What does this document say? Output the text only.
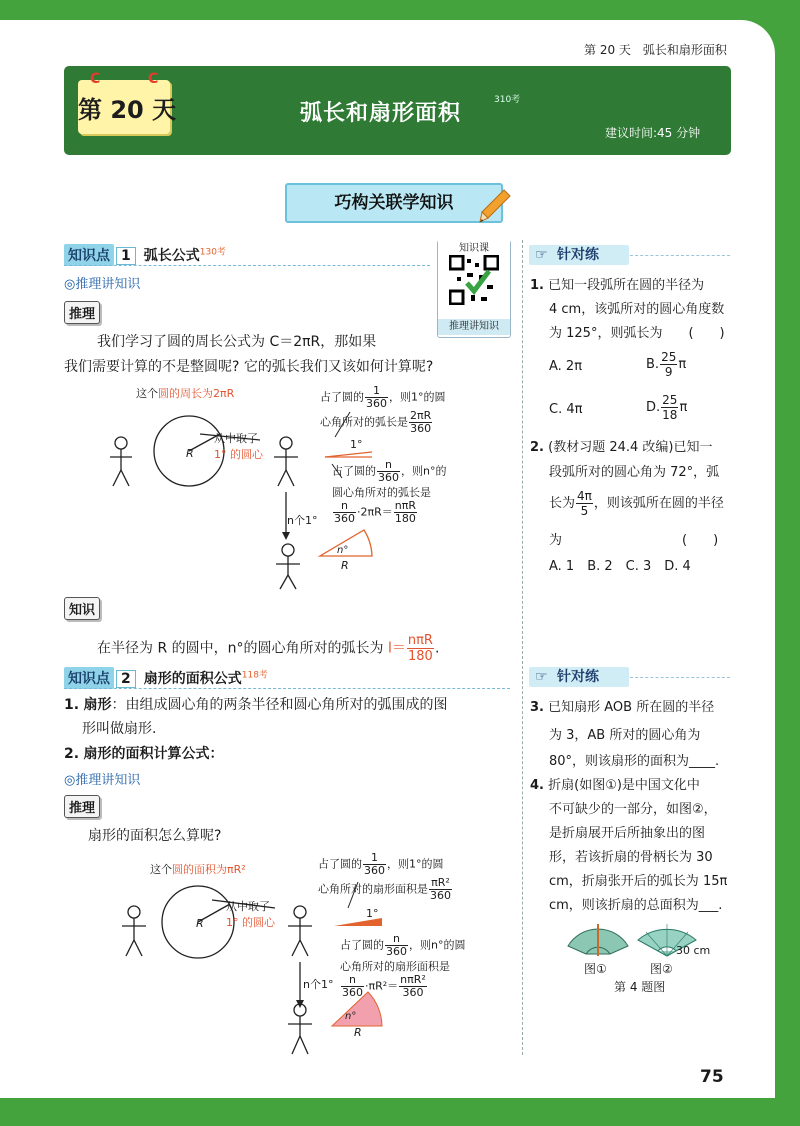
第 20 天　弧长和扇形面积
C	C
第 20 天	弧长和扇形面积
310考
建议时间:45 分钟
巧构关联学知识
知识点 1 弧长公式$^{130考}$
◎推理讲知识
知识课
推理讲知识
推理
我们学习了圆的周长公式为 C＝2πR，那如果
我们需要计算的不是整圆呢? 它的弧长我们又该如何计算呢?
这个圆的周长为2πR
从中取了
1° 的圆心
R
1°
占了圆的 $\frac{1}{360}$ ，则1°的圆
心角所对的弧长是 $\frac{2\pi R}{360}$
占了圆的 $\frac{n}{360}$ ，则n°的
圆心角所对的弧长是

$\frac{n}{360} \cdot 2\pi R= \frac{\text{nπR}}{180}$
n个1°
n°
R
知识
在半径为 R 的圆中，n°的圆心角所对的弧长为 $l= \frac{\text{nπR}}{180}$ .
知识点 2 扇形的面积公式$^{118考}$
1. 扇形：由组成圆心角的两条半径和圆心角所对的弧围成的图
形叫做扇形.
2. 扇形的面积计算公式：
◎推理讲知识
推理
扇形的面积怎么算呢?
这个圆的面积为πR²
从中取了
1° 的圆心
R
1°
占了圆的 $\frac{1}{360}$ ，则1°的圆
心角所对的扇形面积是 $\frac{\text{πR²}}{360}$
占了圆的 $\frac{n}{360}$ ，则n°的圆
心角所对的扇形面积是

$\frac{n}{360} \cdot\pi R^2= \frac{\text{nπR²}}{360}$
n个1°
n°
R
☞ 针对练
1. 已知一段弧所在圆的半径为
4 cm，该弧所对的圆心角度数
为 125°，则弧长为　　(　　)
A. 2π	B. $\frac{25}{9}$ π
C. 4π	D. $\frac{25}{18}$ π
2. (教材习题 24.4 改编)已知一
段弧所对的圆心角为 72°，弧
长为 $\frac{4\pi}{5}$ ，则该弧所在圆的半径
为	(　　)
A. 1　B. 2　C. 3　D. 4
☞ 针对练
3. 已知扇形 AOB 所在圆的半径
为 3，AB 所对的圆心角为
80°，则该扇形的面积为____.
4. 折扇(如图①)是中国文化中
不可缺少的一部分，如图②，
是折扇展开后所抽象出的图
形，若该折扇的骨柄长为 30
cm，折扇张开后的弧长为 15π
cm，则该折扇的总面积为___.
30 cm
图①	图②
第 4 题图
75
